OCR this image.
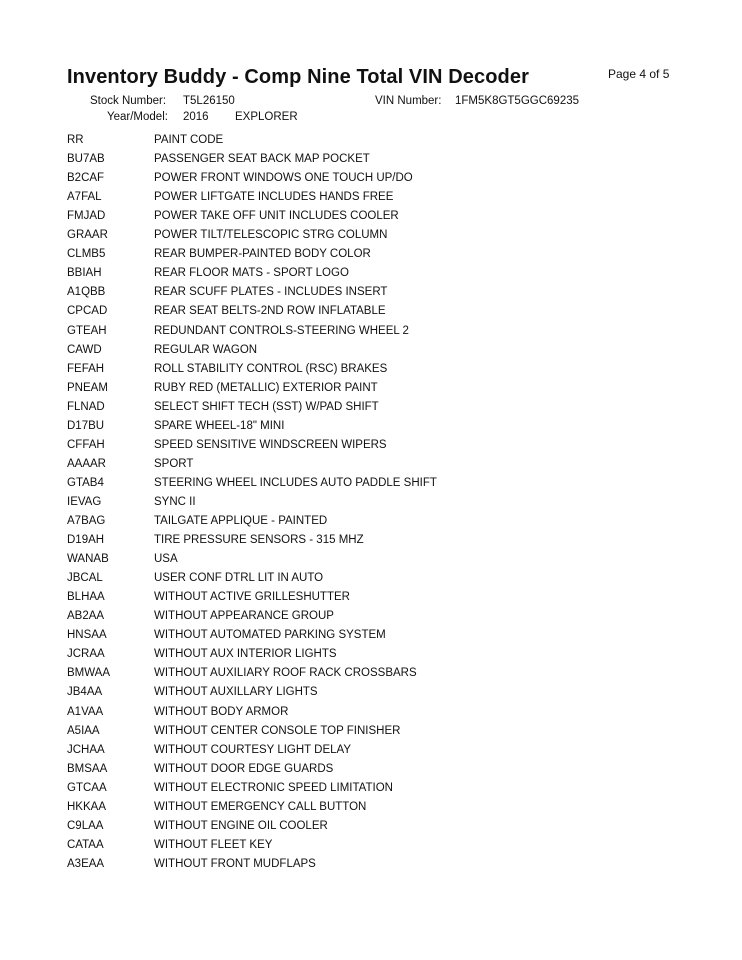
Inventory Buddy - Comp Nine Total VIN Decoder	Page 4 of 5
Stock Number: T5L26150	VIN Number: 1FM5K8GT5GGC69235
Year/Model: 2016 EXPLORER
RR	PAINT CODE
BU7AB	PASSENGER SEAT BACK MAP POCKET
B2CAF	POWER FRONT WINDOWS ONE TOUCH UP/DO
A7FAL	POWER LIFTGATE INCLUDES HANDS FREE
FMJAD	POWER TAKE OFF UNIT INCLUDES COOLER
GRAAR	POWER TILT/TELESCOPIC STRG COLUMN
CLMB5	REAR BUMPER-PAINTED BODY COLOR
BBIAH	REAR FLOOR MATS - SPORT LOGO
A1QBB	REAR SCUFF PLATES - INCLUDES INSERT
CPCAD	REAR SEAT BELTS-2ND ROW INFLATABLE
GTEAH	REDUNDANT CONTROLS-STEERING WHEEL 2
CAWD	REGULAR WAGON
FEFAH	ROLL STABILITY CONTROL (RSC) BRAKES
PNEAM	RUBY RED (METALLIC) EXTERIOR PAINT
FLNAD	SELECT SHIFT TECH (SST) W/PAD SHIFT
D17BU	SPARE WHEEL-18" MINI
CFFAH	SPEED SENSITIVE WINDSCREEN WIPERS
AAAAR	SPORT
GTAB4	STEERING WHEEL INCLUDES AUTO PADDLE SHIFT
IEVAG	SYNC II
A7BAG	TAILGATE APPLIQUE - PAINTED
D19AH	TIRE PRESSURE SENSORS - 315 MHZ
WANAB	USA
JBCAL	USER CONF DTRL LIT IN AUTO
BLHAA	WITHOUT ACTIVE GRILLESHUTTER
AB2AA	WITHOUT APPEARANCE GROUP
HNSAA	WITHOUT AUTOMATED PARKING SYSTEM
JCRAA	WITHOUT AUX INTERIOR LIGHTS
BMWAA	WITHOUT AUXILIARY ROOF RACK CROSSBARS
JB4AA	WITHOUT AUXILLARY LIGHTS
A1VAA	WITHOUT BODY ARMOR
A5IAA	WITHOUT CENTER CONSOLE TOP FINISHER
JCHAA	WITHOUT COURTESY LIGHT DELAY
BMSAA	WITHOUT DOOR EDGE GUARDS
GTCAA	WITHOUT ELECTRONIC SPEED LIMITATION
HKKAA	WITHOUT EMERGENCY CALL BUTTON
C9LAA	WITHOUT ENGINE OIL COOLER
CATAA	WITHOUT FLEET KEY
A3EAA	WITHOUT FRONT MUDFLAPS
